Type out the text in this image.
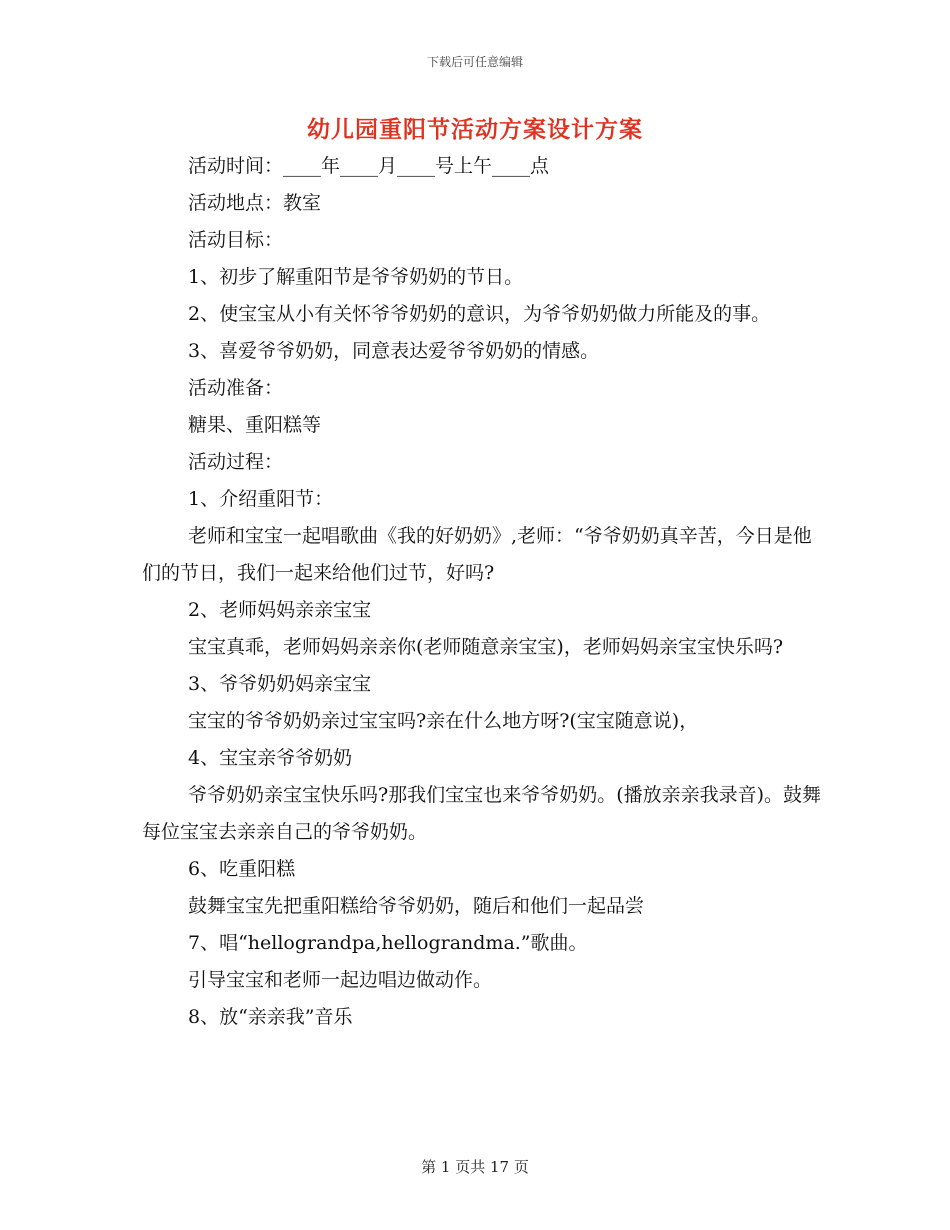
下载后可任意编辑
幼儿园重阳节活动方案设计方案

活动时间：____年____月____号上午____点

活动地点：教室

活动目标：

1、初步了解重阳节是爷爷奶奶的节日。

2、使宝宝从小有关怀爷爷奶奶的意识，为爷爷奶奶做力所能及的事。

3、喜爱爷爷奶奶，同意表达爱爷爷奶奶的情感。

活动准备：

糖果、重阳糕等

活动过程：

1、介绍重阳节：

老师和宝宝一起唱歌曲《我的好奶奶》,老师：“爷爷奶奶真辛苦，今日是他们的节日，我们一起来给他们过节，好吗?

2、老师妈妈亲亲宝宝

宝宝真乖，老师妈妈亲亲你(老师随意亲宝宝)，老师妈妈亲宝宝快乐吗?

3、爷爷奶奶妈亲宝宝

宝宝的爷爷奶奶亲过宝宝吗?亲在什么地方呀?(宝宝随意说)，

4、宝宝亲爷爷奶奶

爷爷奶奶亲宝宝快乐吗?那我们宝宝也来爷爷奶奶。(播放亲亲我录音)。鼓舞每位宝宝去亲亲自己的爷爷奶奶。

6、吃重阳糕

鼓舞宝宝先把重阳糕给爷爷奶奶，随后和他们一起品尝

7、唱“hellograndpa,hellograndma.”歌曲。

引导宝宝和老师一起边唱边做动作。

8、放“亲亲我”音乐

第 1 页共 17 页
